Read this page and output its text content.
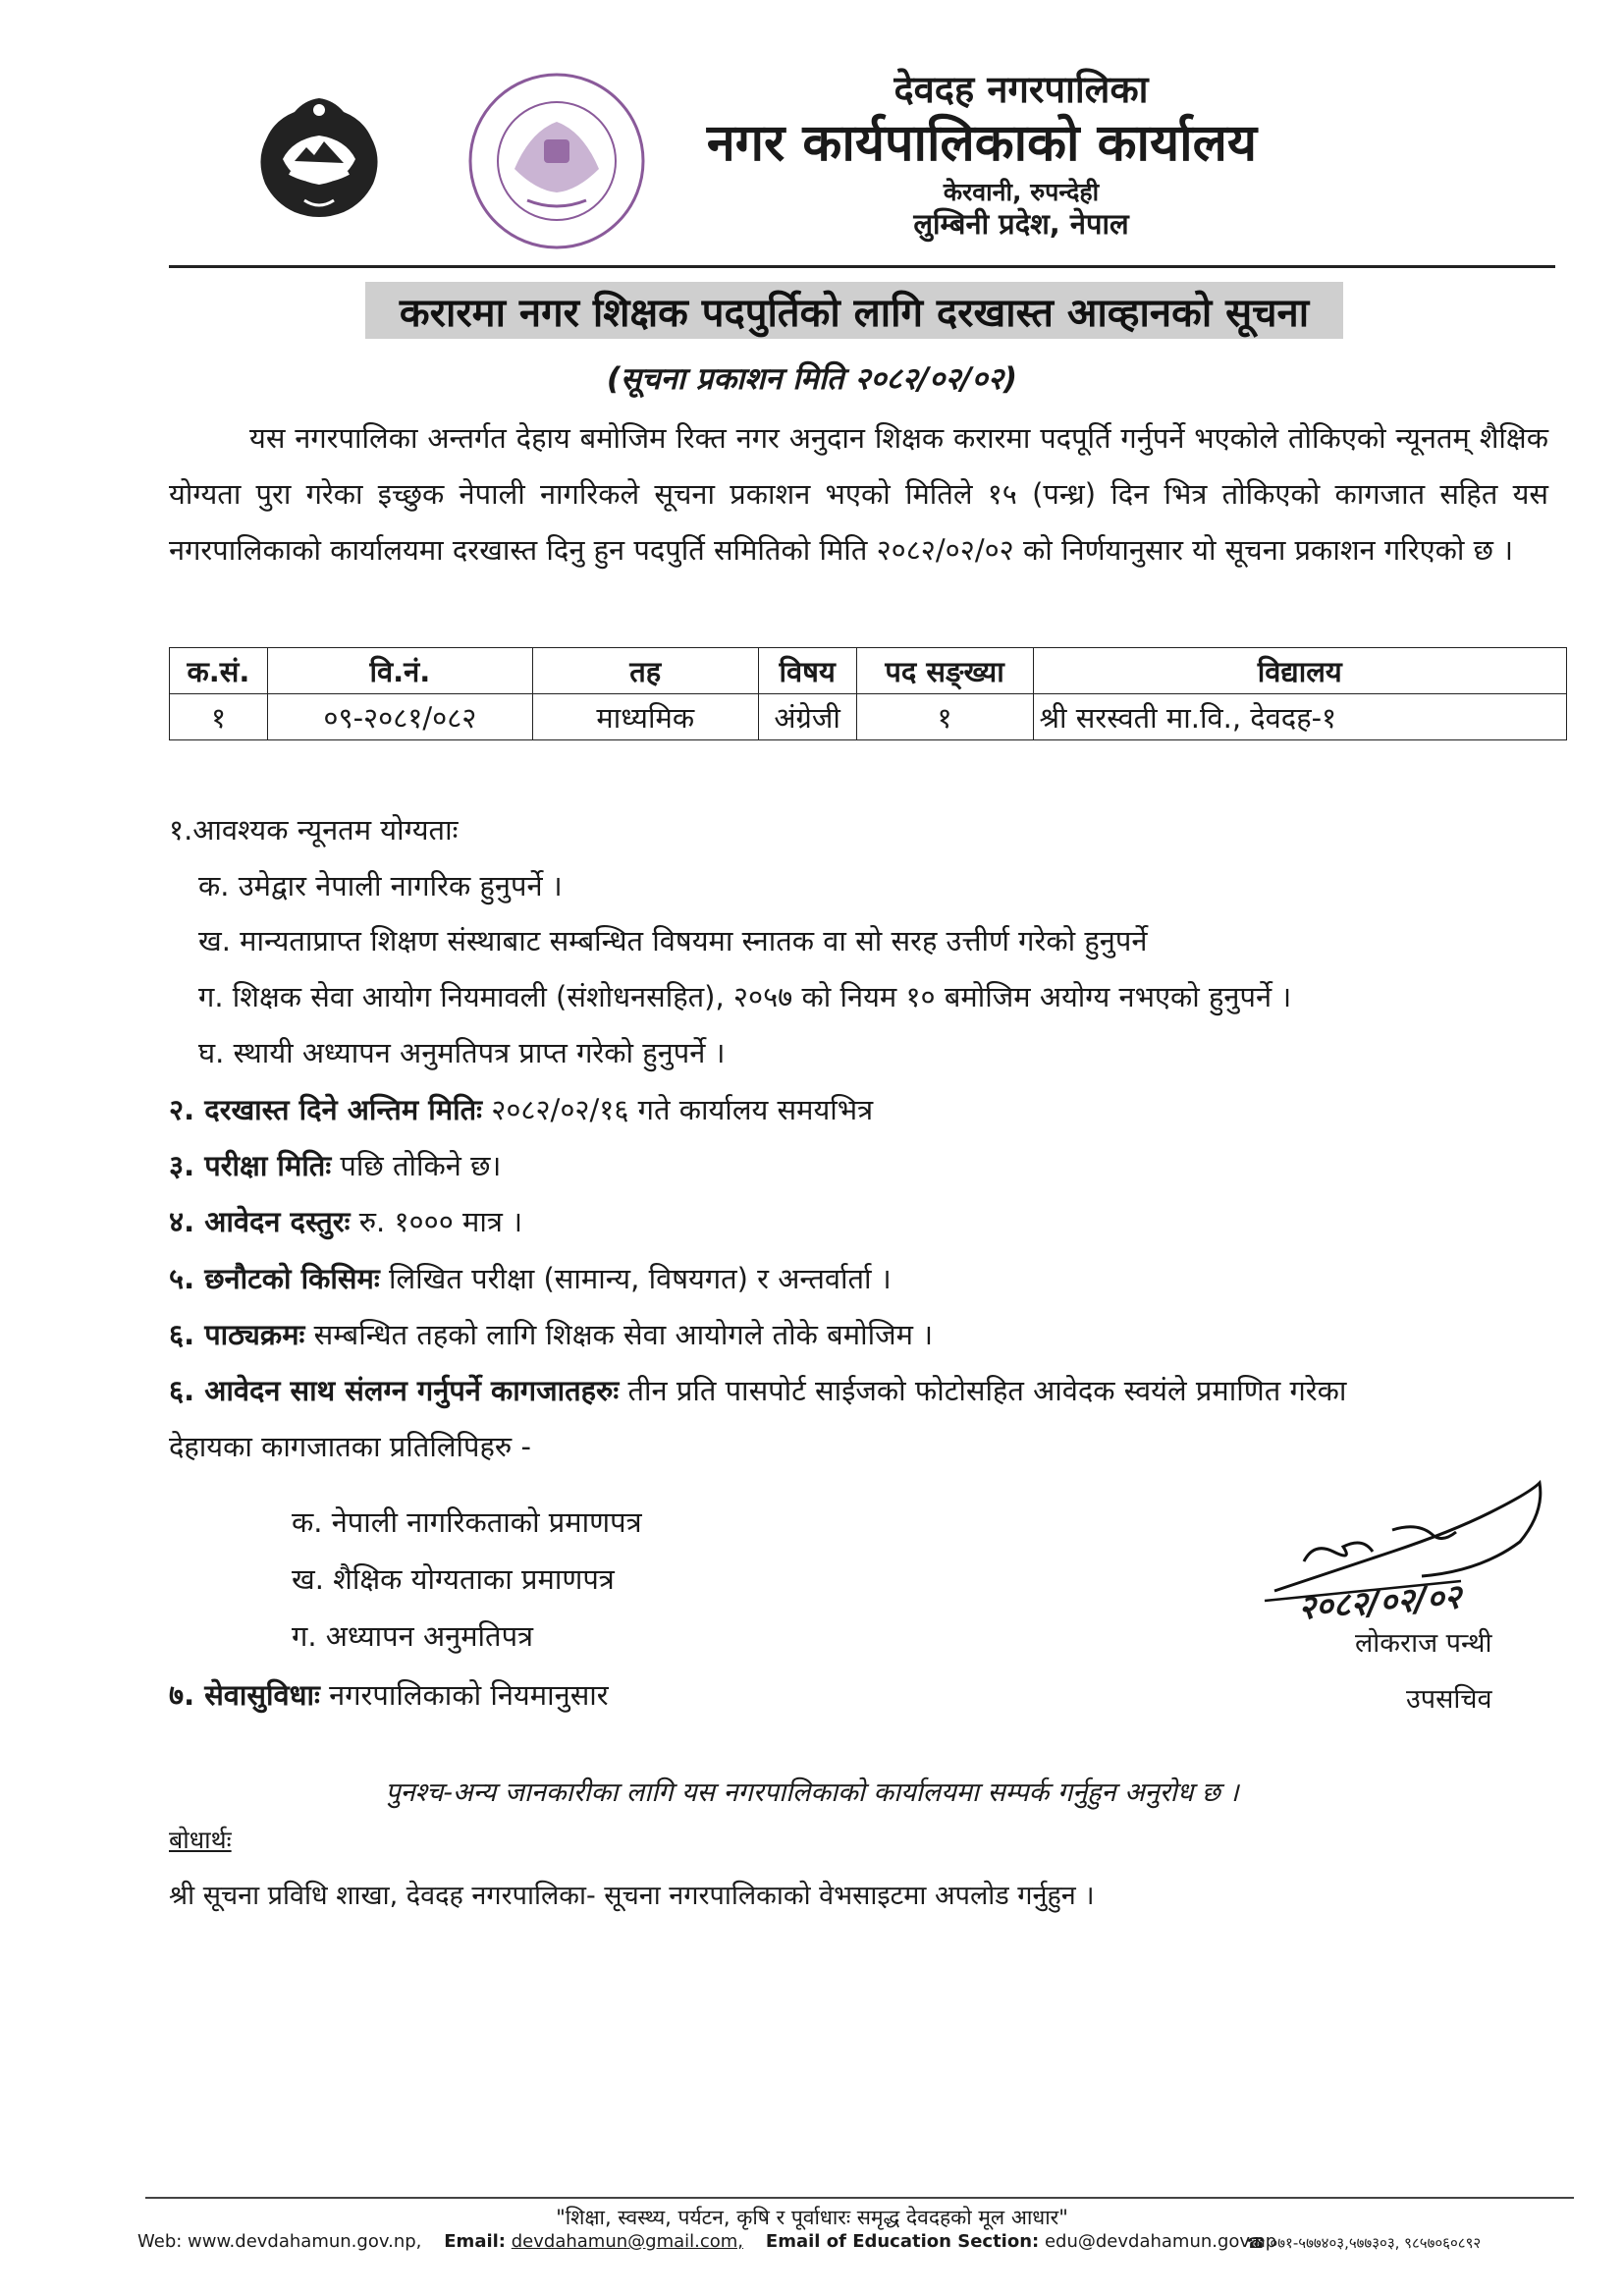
देवदह नगरपालिका
नगर कार्यपालिकाको कार्यालय
केरवानी, रुपन्देही
लुम्बिनी प्रदेश, नेपाल
करारमा नगर शिक्षक पदपुर्तिको लागि दरखास्त आव्हानको सूचना
(सूचना प्रकाशन मिति २०८२/०२/०२)
यस नगरपालिका अन्तर्गत देहाय बमोजिम रिक्त नगर अनुदान शिक्षक करारमा पदपूर्ति गर्नुपर्ने भएकोले तोकिएको न्यूनतम् शैक्षिक योग्यता पुरा गरेका इच्छुक नेपाली नागरिकले सूचना प्रकाशन भएको मितिले १५ (पन्ध्र) दिन भित्र तोकिएको कागजात सहित यस नगरपालिकाको कार्यालयमा दरखास्त दिनु हुन पदपुर्ति समितिको मिति २०८२/०२/०२ को निर्णयानुसार यो सूचना प्रकाशन गरिएको छ ।
क.सं.	वि.नं.	तह	विषय	पद सङ्ख्या	विद्यालय
१	०९-२०८१/०८२	माध्यमिक	अंग्रेजी	१	श्री सरस्वती मा.वि., देवदह-१
१.आवश्यक न्यूनतम योग्यताः
क. उमेद्वार नेपाली नागरिक हुनुपर्ने ।
ख. मान्यताप्राप्त शिक्षण संस्थाबाट सम्बन्धित विषयमा स्नातक वा सो सरह उत्तीर्ण गरेको हुनुपर्ने
ग. शिक्षक सेवा आयोग नियमावली (संशोधनसहित), २०५७ को नियम १० बमोजिम अयोग्य नभएको हुनुपर्ने ।
घ. स्थायी अध्यापन अनुमतिपत्र प्राप्त गरेको हुनुपर्ने ।
२. दरखास्त दिने अन्तिम मितिः २०८२/०२/१६ गते कार्यालय समयभित्र
३. परीक्षा मितिः पछि तोकिने छ।
४. आवेदन दस्तुरः रु. १००० मात्र ।
५. छनौटको किसिमः लिखित परीक्षा (सामान्य, विषयगत) र अन्तर्वार्ता ।
६. पाठ्यक्रमः सम्बन्धित तहको लागि शिक्षक सेवा आयोगले तोके बमोजिम ।
६. आवेदन साथ संलग्न गर्नुपर्ने कागजातहरुः तीन प्रति पासपोर्ट साईजको फोटोसहित आवेदक स्वयंले प्रमाणित गरेका
देहायका कागजातका प्रतिलिपिहरु -
क. नेपाली नागरिकताको प्रमाणपत्र
ख. शैक्षिक योग्यताका प्रमाणपत्र
ग. अध्यापन अनुमतिपत्र
७. सेवासुविधाः नगरपालिकाको नियमानुसार
२०८२/०२/०२
लोकराज पन्थी
उपसचिव
पुनश्च-अन्य जानकारीका लागि यस नगरपालिकाको कार्यालयमा सम्पर्क गर्नुहुन अनुरोध छ ।
बोधार्थः
श्री सूचना प्रविधि शाखा, देवदह नगरपालिका- सूचना नगरपालिकाको वेभसाइटमा अपलोड गर्नुहुन ।
"शिक्षा, स्वस्थ्य, पर्यटन, कृषि र पूर्वाधारः समृद्ध देवदहको मूल आधार"
Web: www.devdahamun.gov.np, Email: devdahamun@gmail.com, Email of Education Section: edu@devdahamun.gov.np
☎ ०७१-५७७४०३,५७७३०३, ९८५७०६०८९२
